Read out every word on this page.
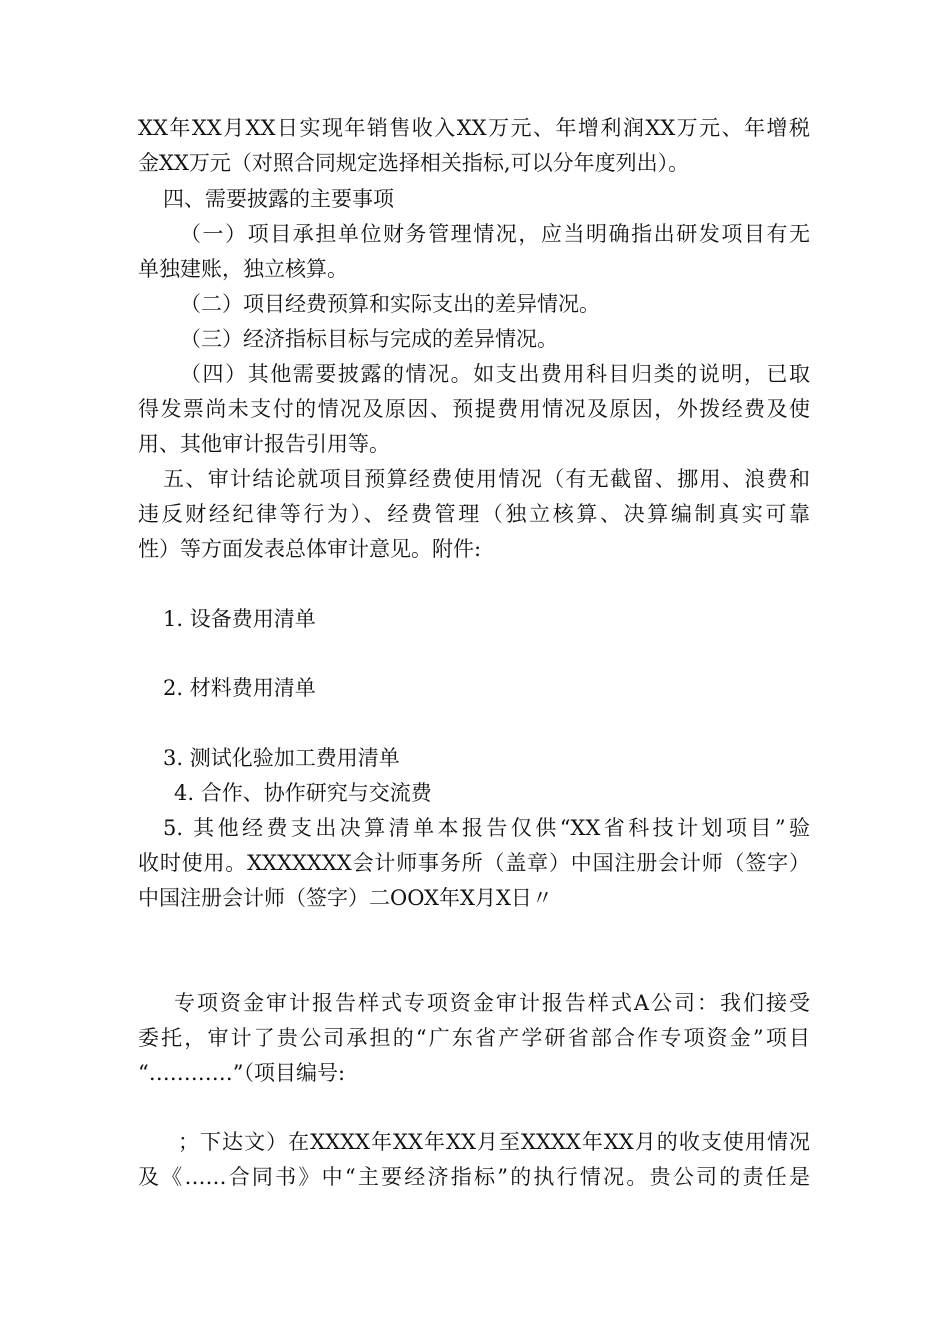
XX年XX月XX日实现年销售收入XX万元、年增利润XX万元、年增税

金XX万元（对照合同规定选择相关指标,可以分年度列出）。

四、需要披露的主要事项

（一）项目承担单位财务管理情况，应当明确指出研发项目有无

单独建账，独立核算。

（二）项目经费预算和实际支出的差异情况。

（三）经济指标目标与完成的差异情况。

（四）其他需要披露的情况。如支出费用科目归类的说明，已取

得发票尚未支付的情况及原因、预提费用情况及原因，外拨经费及使

用、其他审计报告引用等。

五、审计结论就项目预算经费使用情况（有无截留、挪用、浪费和

违反财经纪律等行为）、经费管理（独立核算、决算编制真实可靠

性）等方面发表总体审计意见。附件:

1. 设备费用清单

2. 材料费用清单

3. 测试化验加工费用清单

4. 合作、协作研究与交流费

5. 其他经费支出决算清单本报告仅供“XX省科技计划项目”验

收时使用。XXXXXXX会计师事务所（盖章）中国注册会计师（签字）

中国注册会计师（签字）二OOX年X月X日〃

专项资金审计报告样式专项资金审计报告样式A公司：我们接受

委托，审计了贵公司承担的“广东省产学研省部合作专项资金”项目

“…………”（项目编号:

；下达文）在XXXX年XX年XX月至XXXX年XX月的收支使用情况

及《……合同书》中“主要经济指标”的执行情况。贵公司的责任是
